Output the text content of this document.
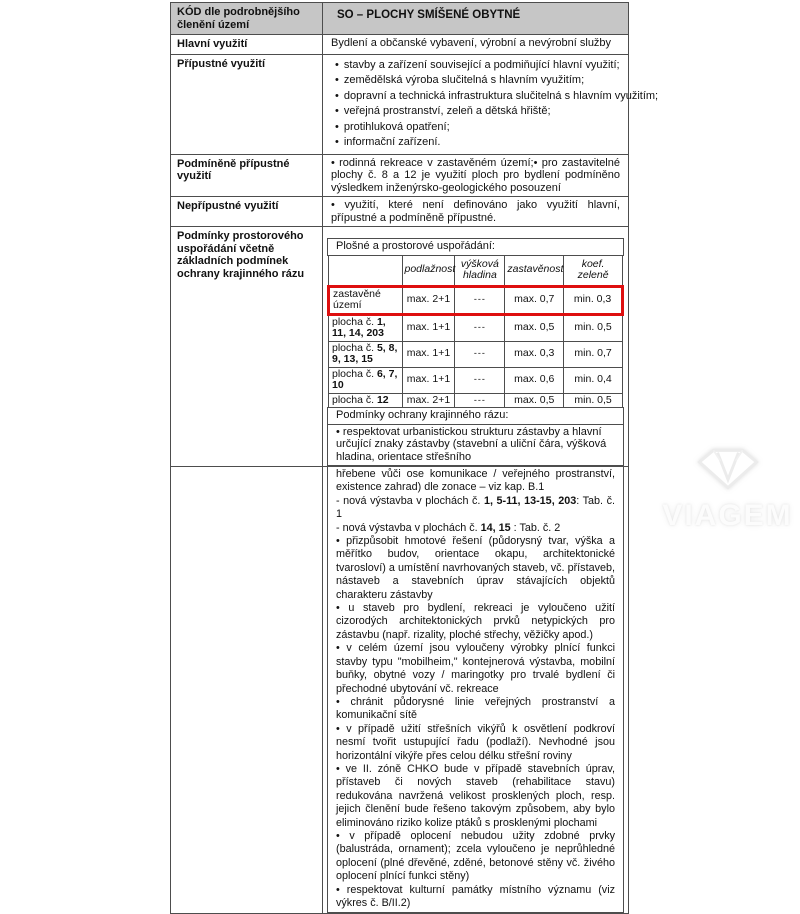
KÓD dle podrobnějšího členění území	SO – PLOCHY SMÍŠENÉ OBYTNÉ
Hlavní využití	Bydlení a občanské vybavení, výrobní a nevýrobní služby
Přípustné využití	• stavby a zařízení související a podmiňující hlavní využití;
• zemědělská výroba slučitelná s hlavním využitím;
• dopravní a technická infrastruktura slučitelná s hlavním využitím;
• veřejná prostranství, zeleň a dětská hřiště;
• protihluková opatření;
• informační zařízení.

Podmíněně přípustné využití	• rodinná rekreace v zastavěném území;• pro zastavitelné plochy č. 8 a 12 je využití ploch pro bydlení podmíněno výsledkem inženýrsko-geologického posouzení
Nepřípustné využití	• využití, které není definováno jako využití hlavní, přípustné a podmíněně přípustné.
Podmínky prostorového uspořádání včetně základních podmínek ochrany krajinného rázu	
Plošné a prostorové uspořádání:
	podlažnost	výšková hladina	zastavěnost	koef. zeleně
zastavěné území	max. 2+1	---	max. 0,7	min. 0,3
plocha č. 1, 11, 14, 203	max. 1+1	---	max. 0,5	min. 0,5
plocha č. 5, 8, 9, 13, 15	max. 1+1	---	max. 0,3	min. 0,7
plocha č. 6, 7, 10	max. 1+1	---	max. 0,6	min. 0,4
plocha č. 12	max. 2+1	---	max. 0,5	min. 0,5
Podmínky ochrany krajinného rázu:
• respektovat urbanistickou strukturu zástavby a hlavní určující znaky zástavby (stavební a uliční čára, výšková hladina, orientace střešního

hřebene vůči ose komunikace / veřejného prostranství, existence zahrad) dle zonace – viz kap. B.1
- nová výstavba v plochách č. 1, 5-11, 13-15, 203: Tab. č. 1
- nová výstavba v plochách č. 14, 15 : Tab. č. 2
• přizpůsobit hmotové řešení (půdorysný tvar, výška a měřítko budov, orientace okapu, architektonické tvarosloví) a umístění navrhovaných staveb, vč. přístaveb, nástaveb a stavebních úprav stávajících objektů charakteru zástavby
• u staveb pro bydlení, rekreaci je vyloučeno užití cizorodých architektonických prvků netypických pro zástavbu (např. rizality, ploché střechy, věžičky apod.)
• v celém území jsou vyloučeny výrobky plnící funkci stavby typu "mobilheim," kontejnerová výstavba, mobilní buňky, obytné vozy / maringotky pro trvalé bydlení či přechodné ubytování vč. rekreace
• chránit půdorysné linie veřejných prostranství a komunikační sítě
• v případě užití střešních vikýřů k osvětlení podkroví nesmí tvořit ustupující řadu (podlaží). Nevhodné jsou horizontální vikýře přes celou délku střešní roviny
• ve II. zóně CHKO bude v případě stavebních úprav, přístaveb či nových staveb (rehabilitace stavu) redukována navržená velikost prosklených ploch, resp. jejich členění bude řešeno takovým způsobem, aby bylo eliminováno riziko kolize ptáků s prosklenými plochami
• v případě oplocení nebudou užity zdobné prvky (balustráda, ornament); zcela vyloučeno je neprůhledné oplocení (plné dřevěné, zděné, betonové stěny vč. živého oplocení plnící funkci stěny)
• respektovat kulturní památky místního významu (viz výkres č. B/II.2)
VIAGEM
